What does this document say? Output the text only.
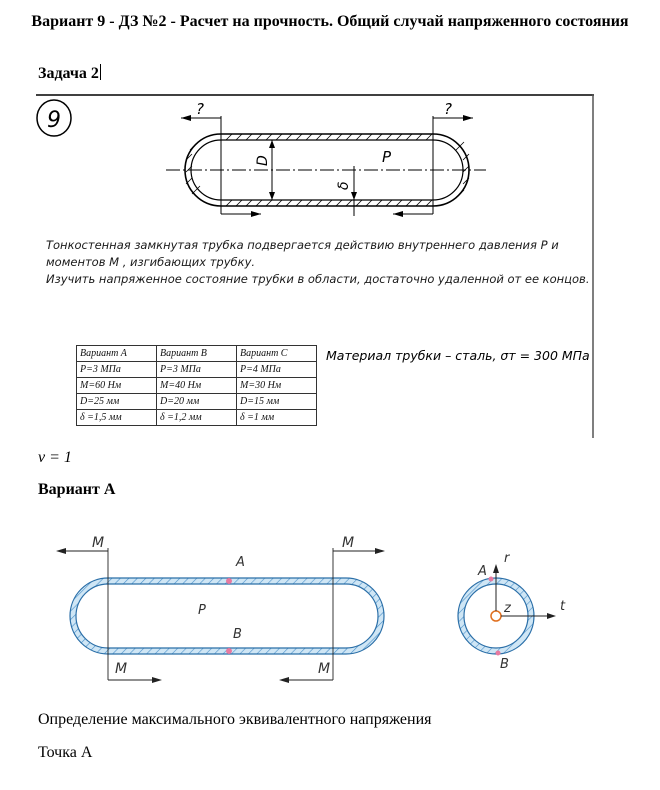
Вариант 9 - ДЗ №2 - Расчет на прочность. Общий случай напряженного состояния
Задача 2
9	?	?
D	P
δ
Тонкостенная замкнутая трубка подвергается действию внутреннего давления P и
моментов M , изгибающих трубку.
Изучить напряженное состояние трубки в области, достаточно удаленной от ее концов.
Вариант A	Вариант B	Вариант C
P=3 МПа	P=3 МПа	P=4 МПа
M=60 Нм	M=40 Нм	M=30 Нм
D=25 мм	D=20 мм	D=15 мм
δ =1,5 мм	δ =1,2 мм	δ =1 мм
Материал трубки – сталь, σт = 300 МПа
ν = 1
Вариант А
M	M
M	M
A
B
P
r
z	t
A
B
Определение максимального эквивалентного напряжения
Точка А
